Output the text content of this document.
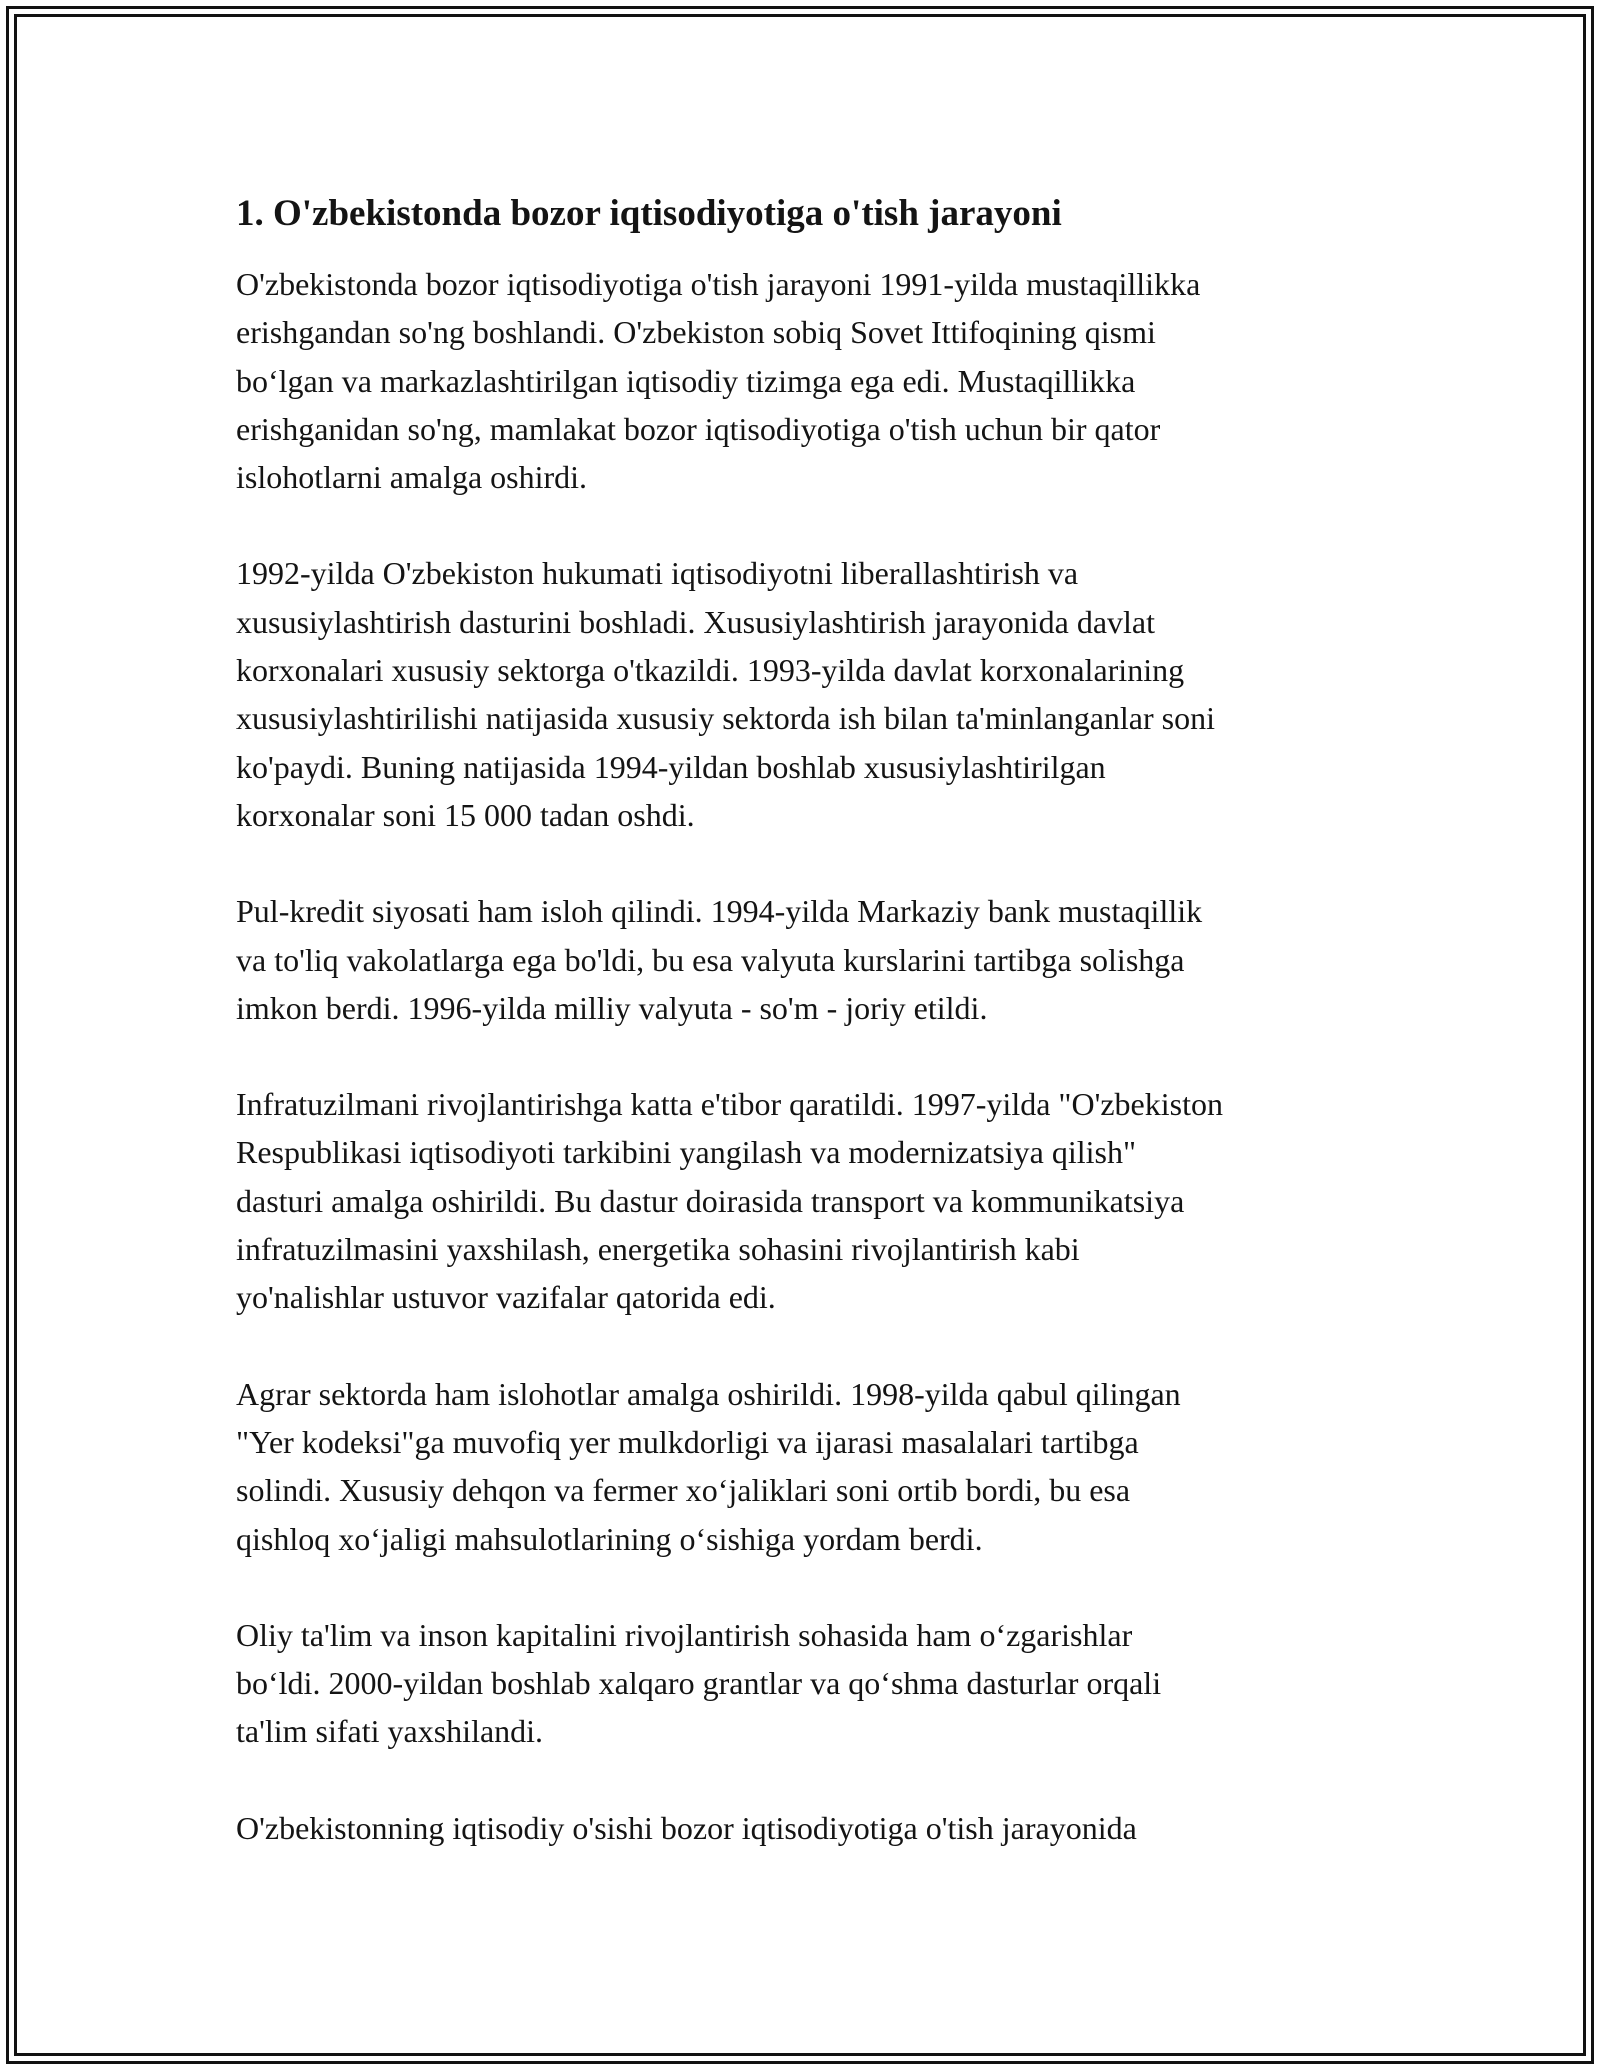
1. O'zbekistonda bozor iqtisodiyotiga o'tish jarayoni

O'zbekistonda bozor iqtisodiyotiga o'tish jarayoni 1991-yilda mustaqillikka
erishgandan so'ng boshlandi. O'zbekiston sobiq Sovet Ittifoqining qismi
bo‘lgan va markazlashtirilgan iqtisodiy tizimga ega edi. Mustaqillikka
erishganidan so'ng, mamlakat bozor iqtisodiyotiga o'tish uchun bir qator
islohotlarni amalga oshirdi.

1992-yilda O'zbekiston hukumati iqtisodiyotni liberallashtirish va
xususiylashtirish dasturini boshladi. Xususiylashtirish jarayonida davlat
korxonalari xususiy sektorga o'tkazildi. 1993-yilda davlat korxonalarining
xususiylashtirilishi natijasida xususiy sektorda ish bilan ta'minlanganlar soni
ko'paydi. Buning natijasida 1994-yildan boshlab xususiylashtirilgan
korxonalar soni 15 000 tadan oshdi.

Pul-kredit siyosati ham isloh qilindi. 1994-yilda Markaziy bank mustaqillik
va to'liq vakolatlarga ega bo'ldi, bu esa valyuta kurslarini tartibga solishga
imkon berdi. 1996-yilda milliy valyuta - so'm - joriy etildi.

Infratuzilmani rivojlantirishga katta e'tibor qaratildi. 1997-yilda "O'zbekiston
Respublikasi iqtisodiyoti tarkibini yangilash va modernizatsiya qilish"
dasturi amalga oshirildi. Bu dastur doirasida transport va kommunikatsiya
infratuzilmasini yaxshilash, energetika sohasini rivojlantirish kabi
yo'nalishlar ustuvor vazifalar qatorida edi.

Agrar sektorda ham islohotlar amalga oshirildi. 1998-yilda qabul qilingan
"Yer kodeksi"ga muvofiq yer mulkdorligi va ijarasi masalalari tartibga
solindi. Xususiy dehqon va fermer xo‘jaliklari soni ortib bordi, bu esa
qishloq xo‘jaligi mahsulotlarining o‘sishiga yordam berdi.

Oliy ta'lim va inson kapitalini rivojlantirish sohasida ham o‘zgarishlar
bo‘ldi. 2000-yildan boshlab xalqaro grantlar va qo‘shma dasturlar orqali
ta'lim sifati yaxshilandi.

O'zbekistonning iqtisodiy o'sishi bozor iqtisodiyotiga o'tish jarayonida
